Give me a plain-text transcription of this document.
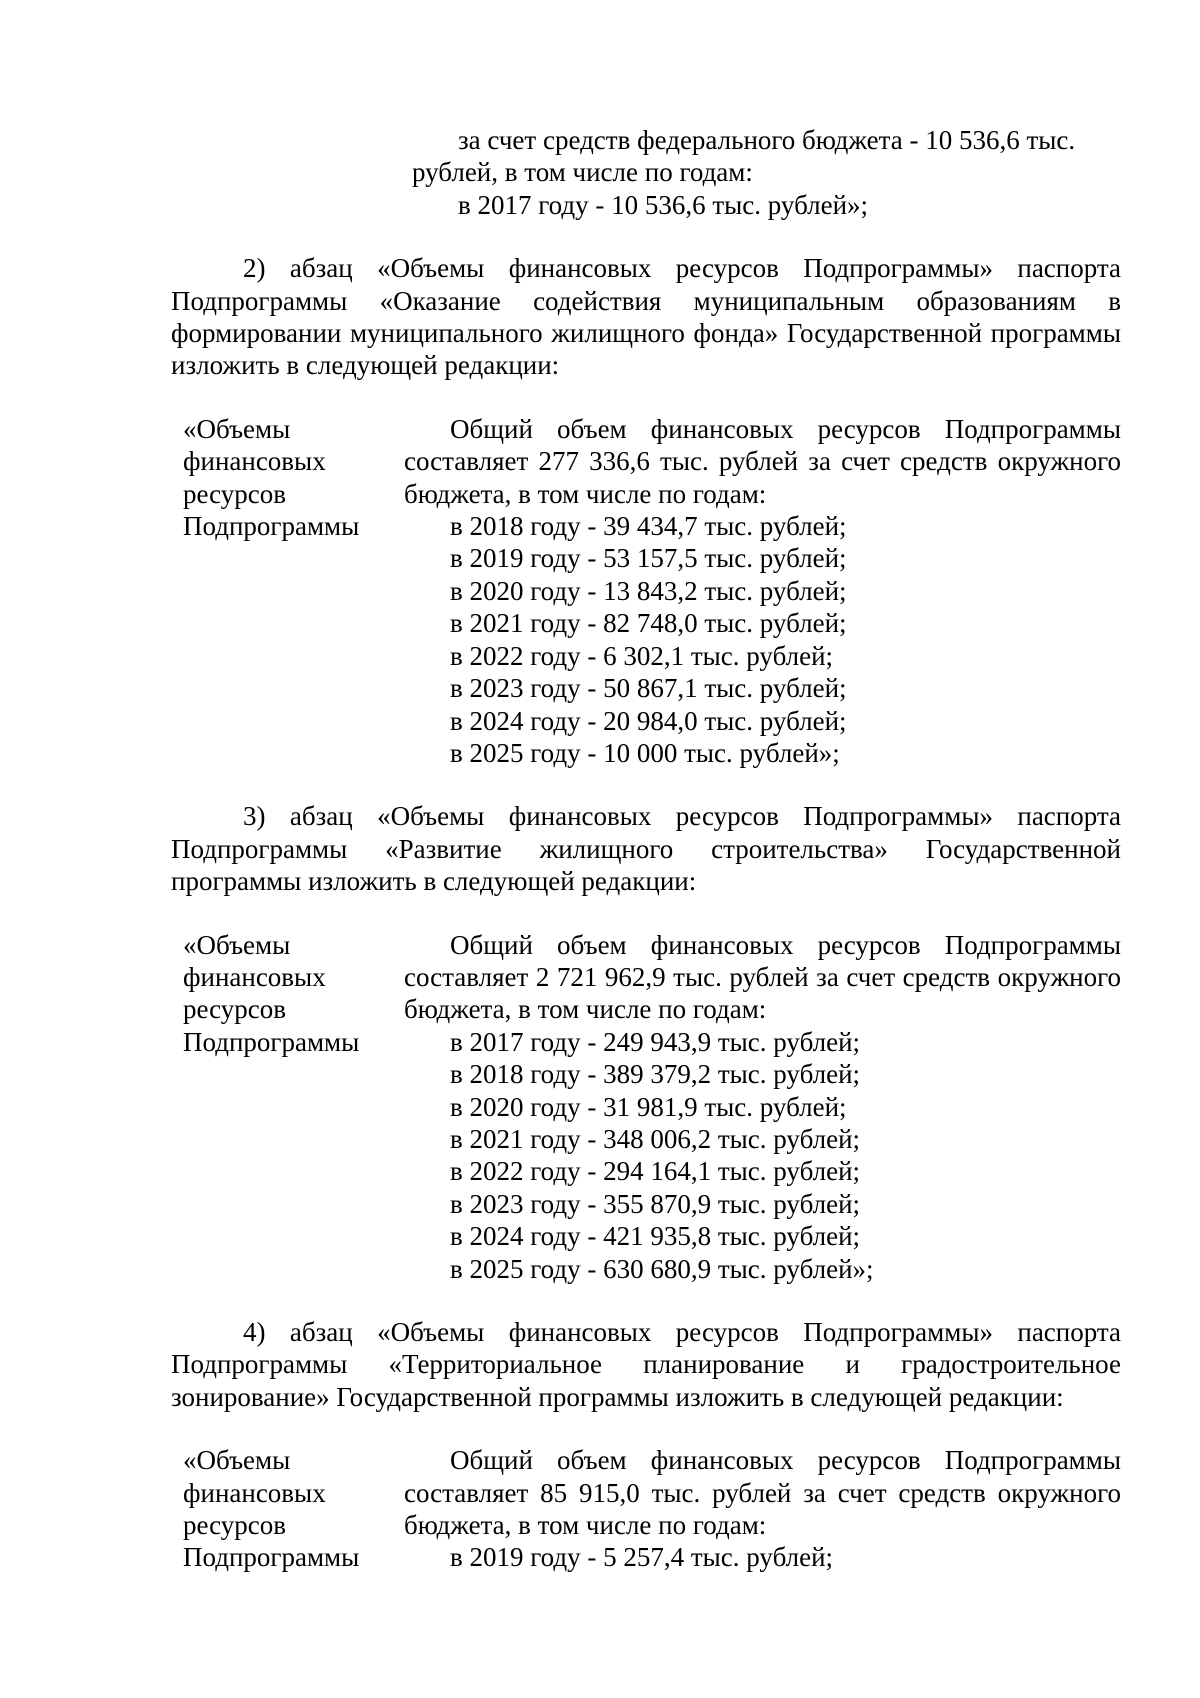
за счет средств федерального бюджета - 10 536,6 тыс.
рублей, в том числе по годам:
в 2017 году - 10 536,6 тыс. рублей»;

2) абзац «Объемы финансовых ресурсов Подпрограммы» паспорта Подпрограммы «Оказание содействия муниципальным образованиям в формировании муниципального жилищного фонда» Государственной программы изложить в следующей редакции:

«Объемы
финансовых
ресурсов
Подпрограммы

Общий объем финансовых ресурсов Подпрограммы составляет 277 336,6 тыс. рублей за счет средств окружного бюджета, в том числе по годам:

в 2018 году - 39 434,7 тыс. рублей;
в 2019 году - 53 157,5 тыс. рублей;
в 2020 году - 13 843,2 тыс. рублей;
в 2021 году - 82 748,0 тыс. рублей;
в 2022 году - 6 302,1 тыс. рублей;
в 2023 году - 50 867,1 тыс. рублей;
в 2024 году - 20 984,0 тыс. рублей;
в 2025 году - 10 000 тыс. рублей»;

3) абзац «Объемы финансовых ресурсов Подпрограммы» паспорта Подпрограммы «Развитие жилищного строительства» Государственной программы изложить в следующей редакции:

«Объемы
финансовых
ресурсов
Подпрограммы

Общий объем финансовых ресурсов Подпрограммы составляет 2 721 962,9 тыс. рублей за счет средств окружного бюджета, в том числе по годам:

в 2017 году - 249 943,9 тыс. рублей;
в 2018 году - 389 379,2 тыс. рублей;
в 2020 году - 31 981,9 тыс. рублей;
в 2021 году - 348 006,2 тыс. рублей;
в 2022 году - 294 164,1 тыс. рублей;
в 2023 году - 355 870,9 тыс. рублей;
в 2024 году - 421 935,8 тыс. рублей;
в 2025 году - 630 680,9 тыс. рублей»;

4) абзац «Объемы финансовых ресурсов Подпрограммы» паспорта Подпрограммы «Территориальное планирование и градостроительное зонирование» Государственной программы изложить в следующей редакции:

«Объемы
финансовых
ресурсов
Подпрограммы

Общий объем финансовых ресурсов Подпрограммы составляет 85 915,0 тыс. рублей за счет средств окружного бюджета, в том числе по годам:

в 2019 году - 5 257,4 тыс. рублей;
